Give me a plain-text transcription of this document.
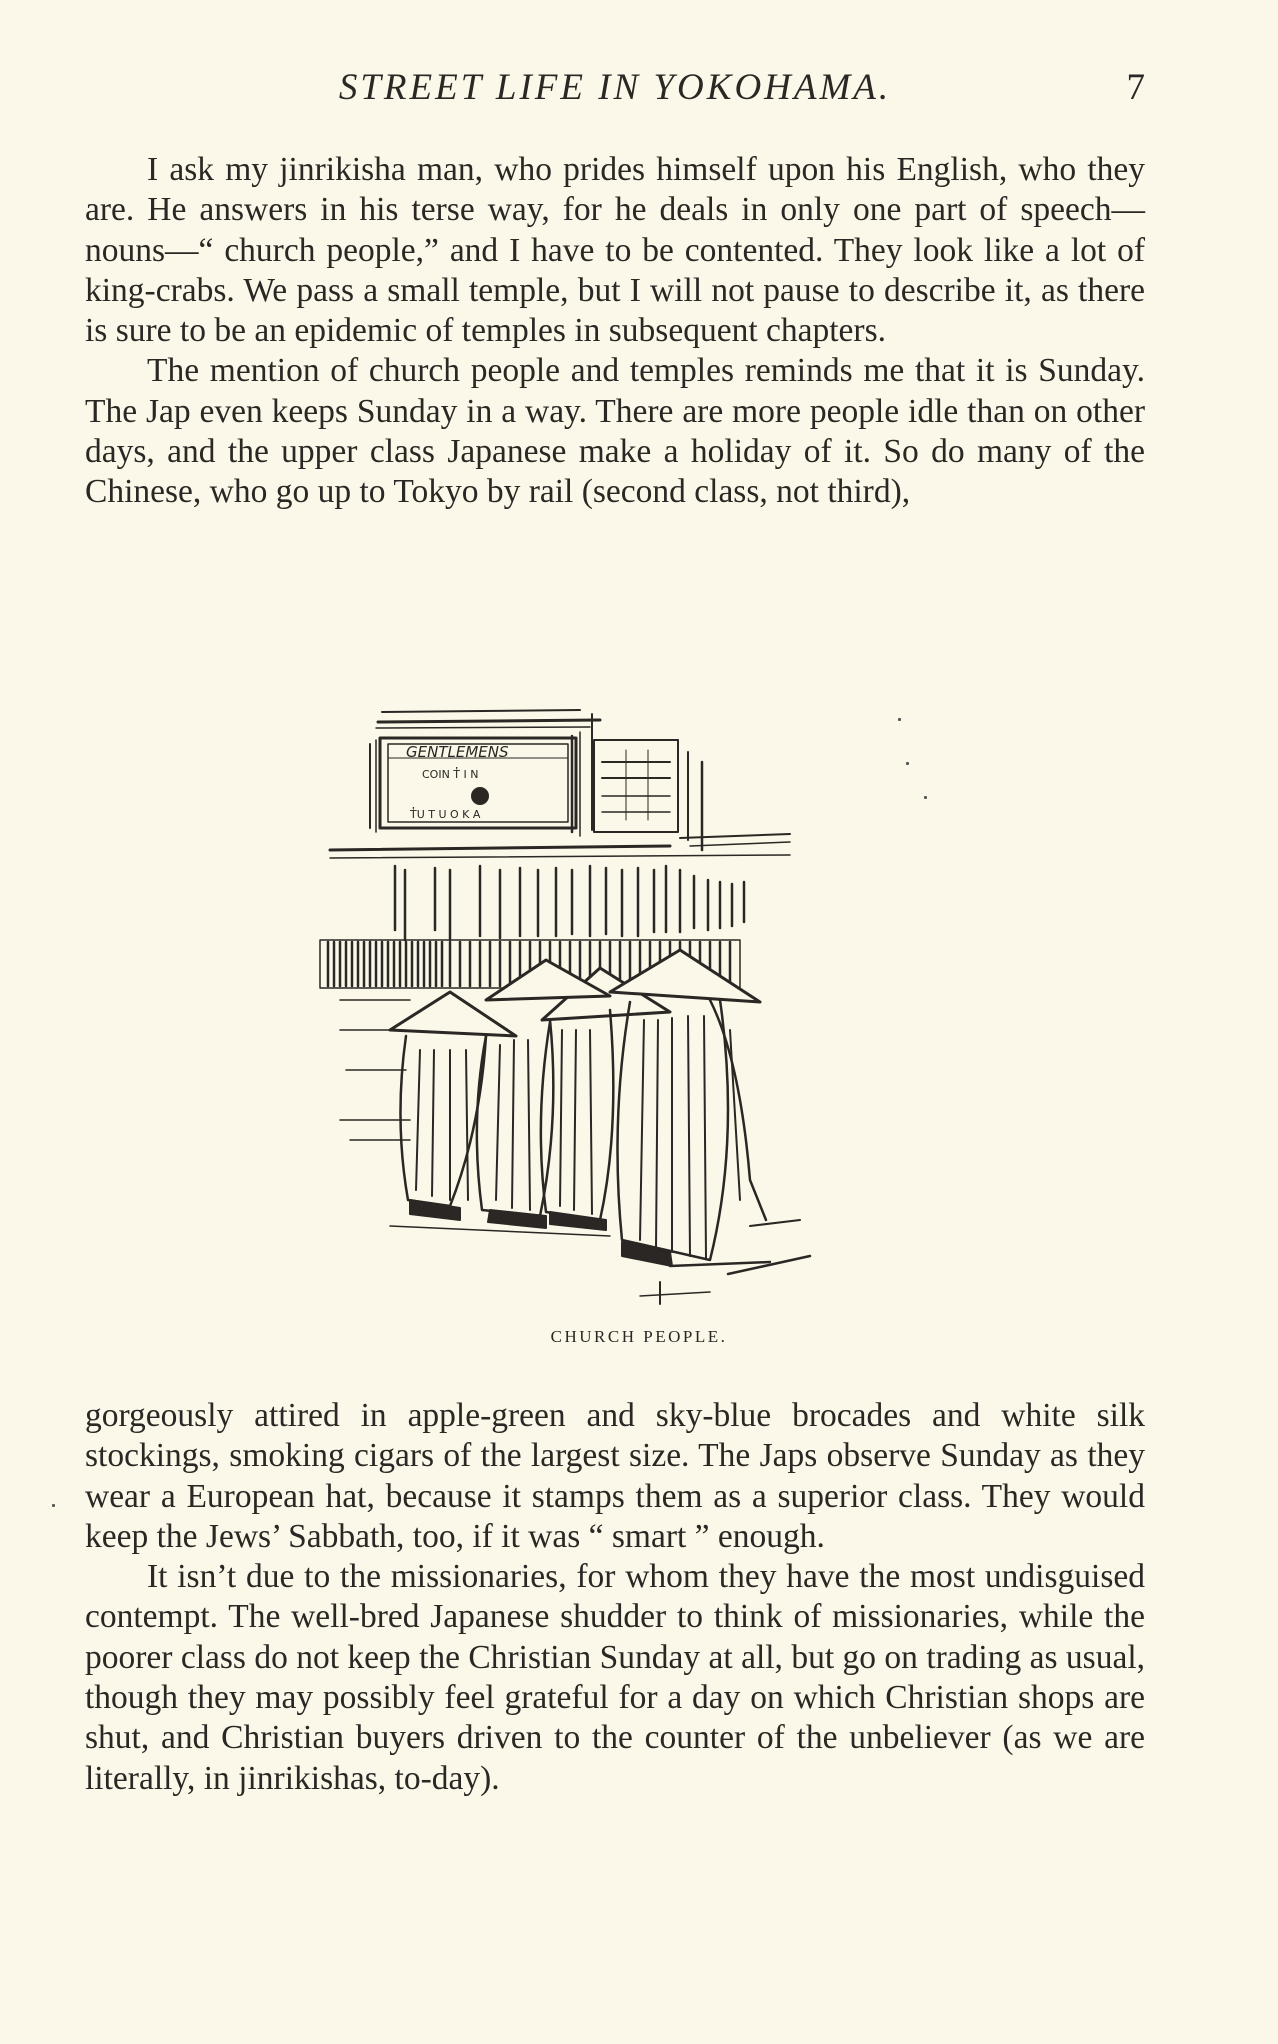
STREET LIFE IN YOKOHAMA.	7

I ask my jinrikisha man, who prides himself upon his English, who they are. He answers in his terse way, for he deals in only one part of speech—nouns—“ church people,” and I have to be contented. They look like a lot of king-crabs. We pass a small temple, but I will not pause to describe it, as there is sure to be an epidemic of temples in subsequent chapters.

The mention of church people and temples reminds me that it is Sunday. The Jap even keeps Sunday in a way. There are more people idle than on other days, and the upper class Japanese make a holiday of it. So do many of the Chinese, who go up to Tokyo by rail (second class, not third),

GENTLEMENS
COIN T̔ I N
T̔U T U O K A
CHURCH PEOPLE.

gorgeously attired in apple-green and sky-blue brocades and white silk stockings, smoking cigars of the largest size. The Japs observe Sunday as they wear a European hat, because it stamps them as a superior class. They would keep the Jews’ Sabbath, too, if it was “ smart ” enough.

It isn’t due to the missionaries, for whom they have the most undisguised contempt. The well-bred Japanese shudder to think of missionaries, while the poorer class do not keep the Christian Sunday at all, but go on trading as usual, though they may possibly feel grateful for a day on which Christian shops are shut, and Christian buyers driven to the counter of the unbeliever (as we are literally, in jinrikishas, to-day).
